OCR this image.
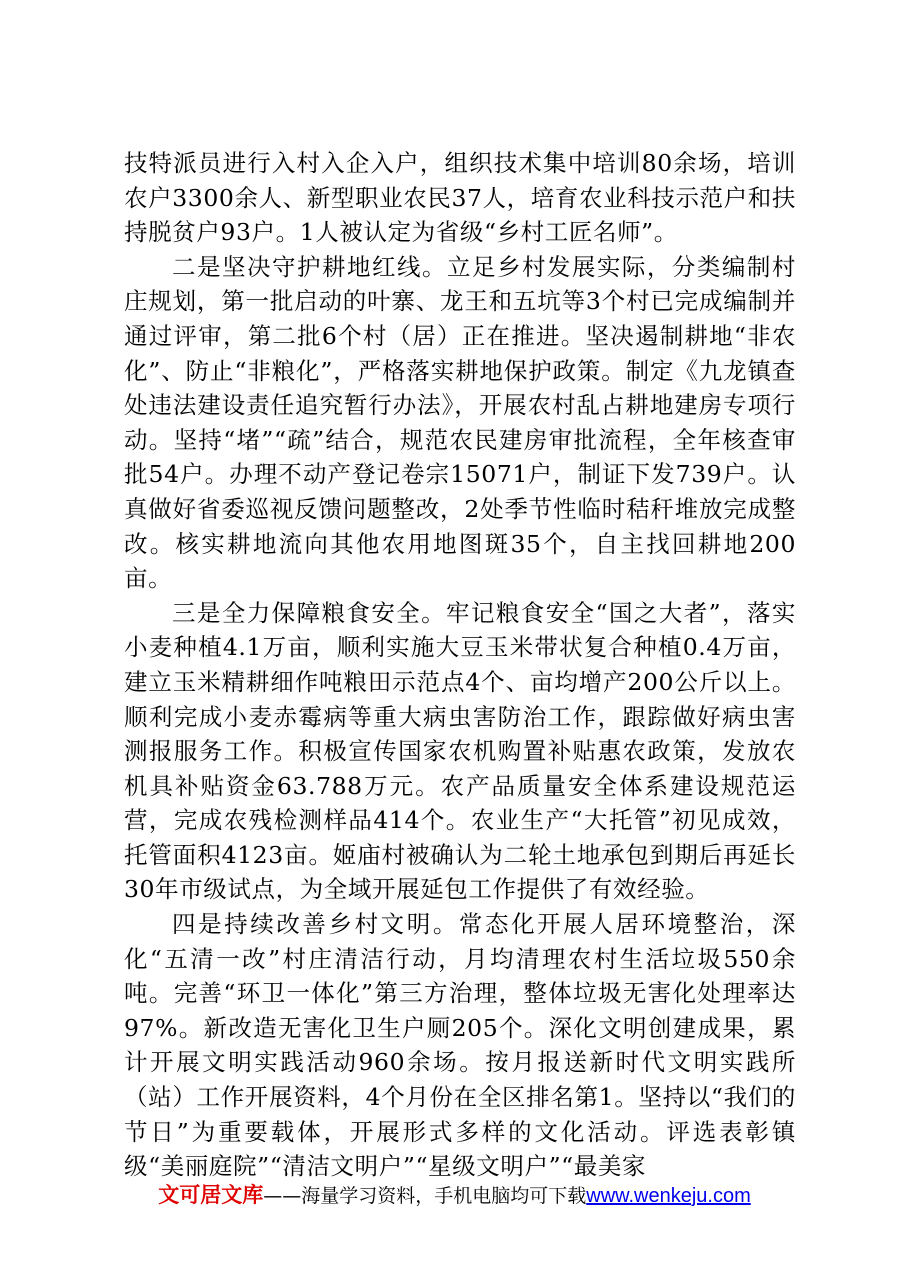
技特派员进行入村入企入户，组织技术集中培训80余场，培训农户3300余人、新型职业农民37人，培育农业科技示范户和扶持脱贫户93户。1人被认定为省级“乡村工匠名师”。

二是坚决守护耕地红线。立足乡村发展实际，分类编制村庄规划，第一批启动的叶寨、龙王和五坑等3个村已完成编制并通过评审，第二批6个村（居）正在推进。坚决遏制耕地“非农化”、防止“非粮化”，严格落实耕地保护政策。制定《九龙镇查处违法建设责任追究暂行办法》，开展农村乱占耕地建房专项行动。坚持“堵”“疏”结合，规范农民建房审批流程，全年核查审批54户。办理不动产登记卷宗15071户，制证下发739户。认真做好省委巡视反馈问题整改，2处季节性临时秸秆堆放完成整改。核实耕地流向其他农用地图斑35个，自主找回耕地200亩。

三是全力保障粮食安全。牢记粮食安全“国之大者”，落实小麦种植4.1万亩，顺利实施大豆玉米带状复合种植0.4万亩，建立玉米精耕细作吨粮田示范点4个、亩均增产200公斤以上。顺利完成小麦赤霉病等重大病虫害防治工作，跟踪做好病虫害测报服务工作。积极宣传国家农机购置补贴惠农政策，发放农机具补贴资金63.788万元。农产品质量安全体系建设规范运营，完成农残检测样品414个。农业生产“大托管”初见成效，托管面积4123亩。姬庙村被确认为二轮土地承包到期后再延长30年市级试点，为全域开展延包工作提供了有效经验。

四是持续改善乡村文明。常态化开展人居环境整治，深化“五清一改”村庄清洁行动，月均清理农村生活垃圾550余吨。完善“环卫一体化”第三方治理，整体垃圾无害化处理率达97%。新改造无害化卫生户厕205个。深化文明创建成果，累计开展文明实践活动960余场。按月报送新时代文明实践所（站）工作开展资料，4个月份在全区排名第1。坚持以“我们的节日”为重要载体，开展形式多样的文化活动。评选表彰镇级“美丽庭院”“清洁文明户”“星级文明户”“最美家

文可居文库——海量学习资料，手机电脑均可下载www.wenkeju.com
